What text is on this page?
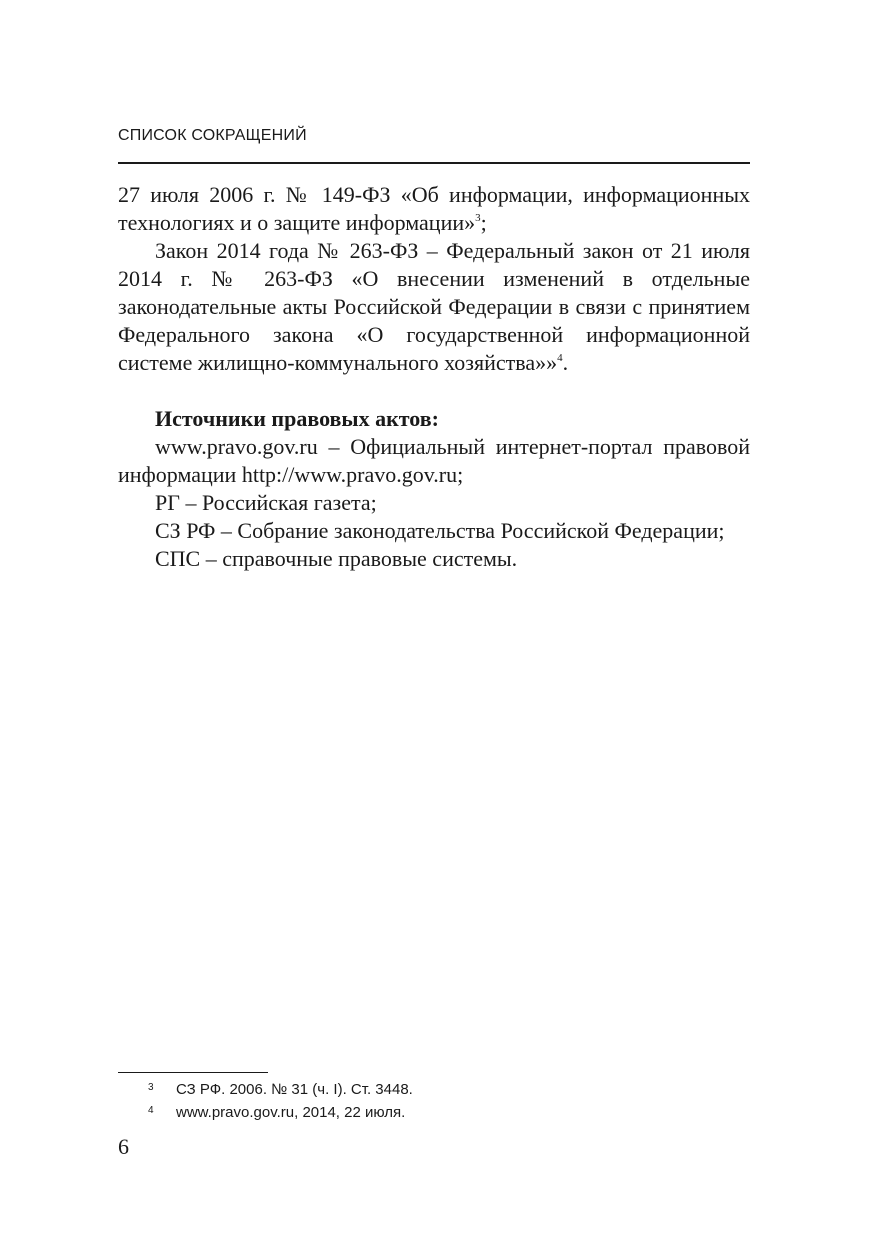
СПИСОК СОКРАЩЕНИЙ

27 июля 2006 г. № 149-ФЗ «Об информации, информационных технологиях и о защите информации»$^3$;

Закон 2014 года № 263-ФЗ – Федеральный закон от 21 июля 2014 г. № 263-ФЗ «О внесении изменений в отдельные законодательные акты Российской Федерации в связи с принятием Федерального закона «О государственной информационной системе жилищно-коммунального хозяйства»»$^4$.

Источники правовых актов:

www.pravo.gov.ru – Официальный интернет-портал правовой информации http://www.pravo.gov.ru;

РГ – Российская газета;

СЗ РФ – Собрание законодательства Российской Федерации;

СПС – справочные правовые системы.

3 СЗ РФ. 2006. № 31 (ч. I). Ст. 3448.
4 www.pravo.gov.ru, 2014, 22 июля.
6
